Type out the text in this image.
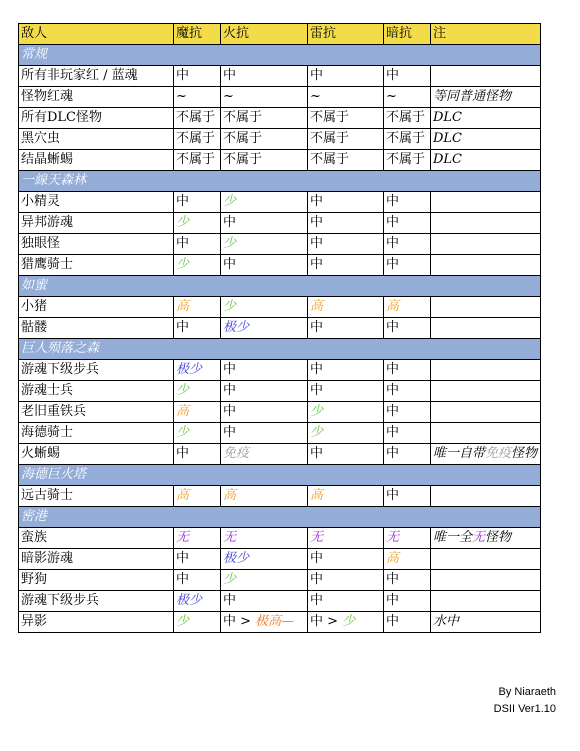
敌人	魔抗	火抗	雷抗	暗抗	注
常规					
所有非玩家红 / 蓝魂	中	中	中	中	
怪物红魂	~	~	~	~	等同普通怪物
所有DLC怪物	不属于	不属于	不属于	不属于	DLC
黑穴虫	不属于	不属于	不属于	不属于	DLC
结晶蜥蜴	不属于	不属于	不属于	不属于	DLC
一線天森林					
小精灵	中	少	中	中	
异邦游魂	少	中	中	中	
独眼怪	中	少	中	中	
猎鹰骑士	少	中	中	中	
如蜜					
小猪	高	少	高	高	
骷髅	中	极少	中	中	
巨人殒落之森					
游魂下级步兵	极少	中	中	中	
游魂士兵	少	中	中	中	
老旧重铁兵	高	中	少	中	
海德骑士	少	中	少	中	
火蜥蜴	中	免疫	中	中	唯一自带免疫怪物
海德巨火塔					
远古骑士	高	高	高	中	
密港					
蛮族	无	无	无	无	唯一全无怪物
暗影游魂	中	极少	中	高	
野狗	中	少	中	中	
游魂下级步兵	极少	中	中	中	
异影	少	中 > 极高—	中 > 少	中	水中
By Niaraeth
DSII Ver1.10
